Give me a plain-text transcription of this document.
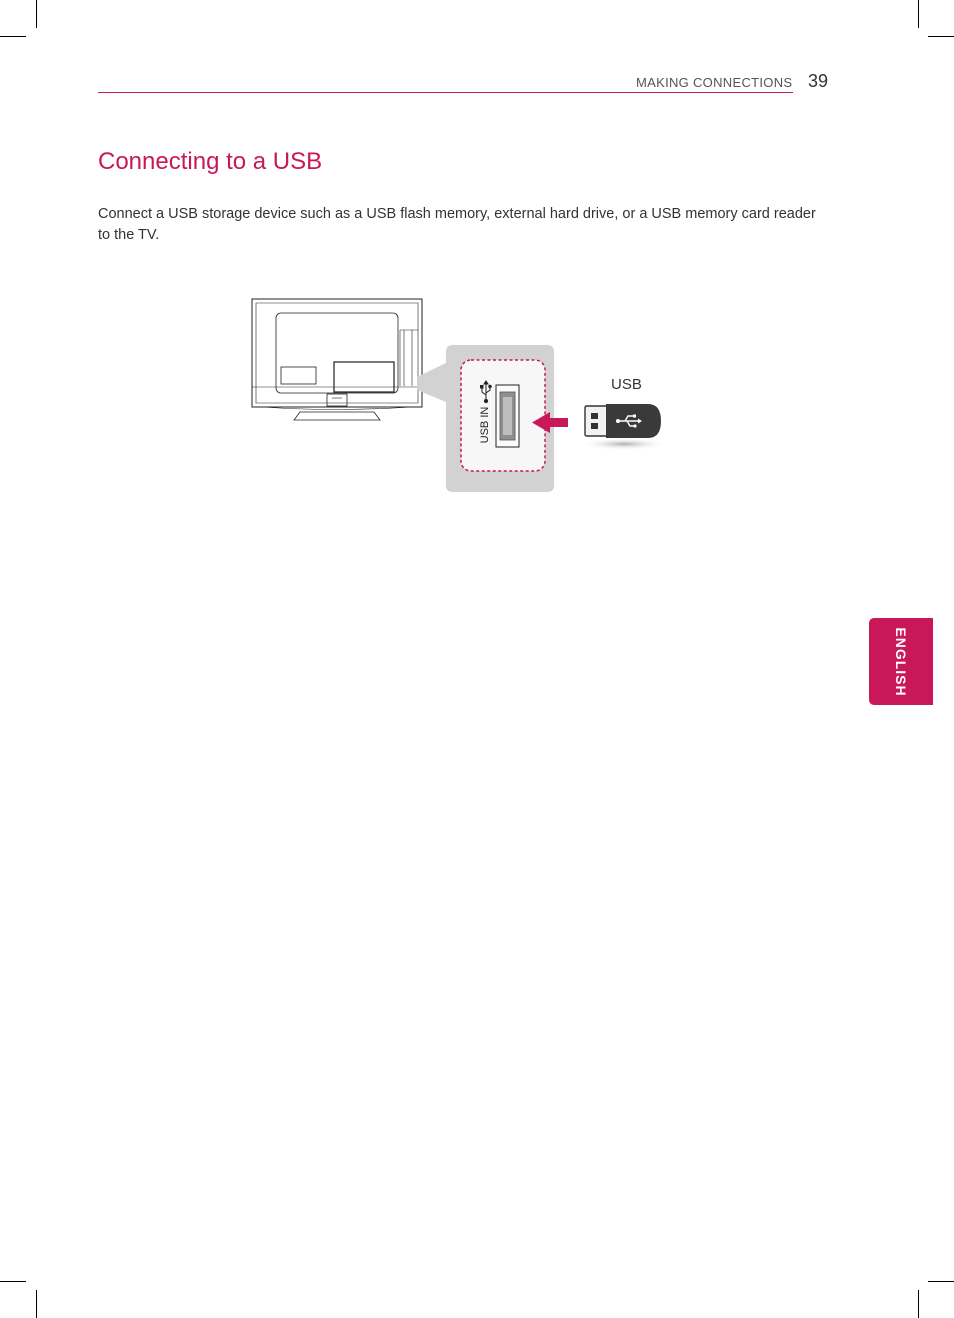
MAKING CONNECTIONS 39
Connecting to a USB

Connect a USB storage device such as a USB flash memory, external hard drive, or a USB memory card reader to the TV.

USB IN
USB
ENGLISH
